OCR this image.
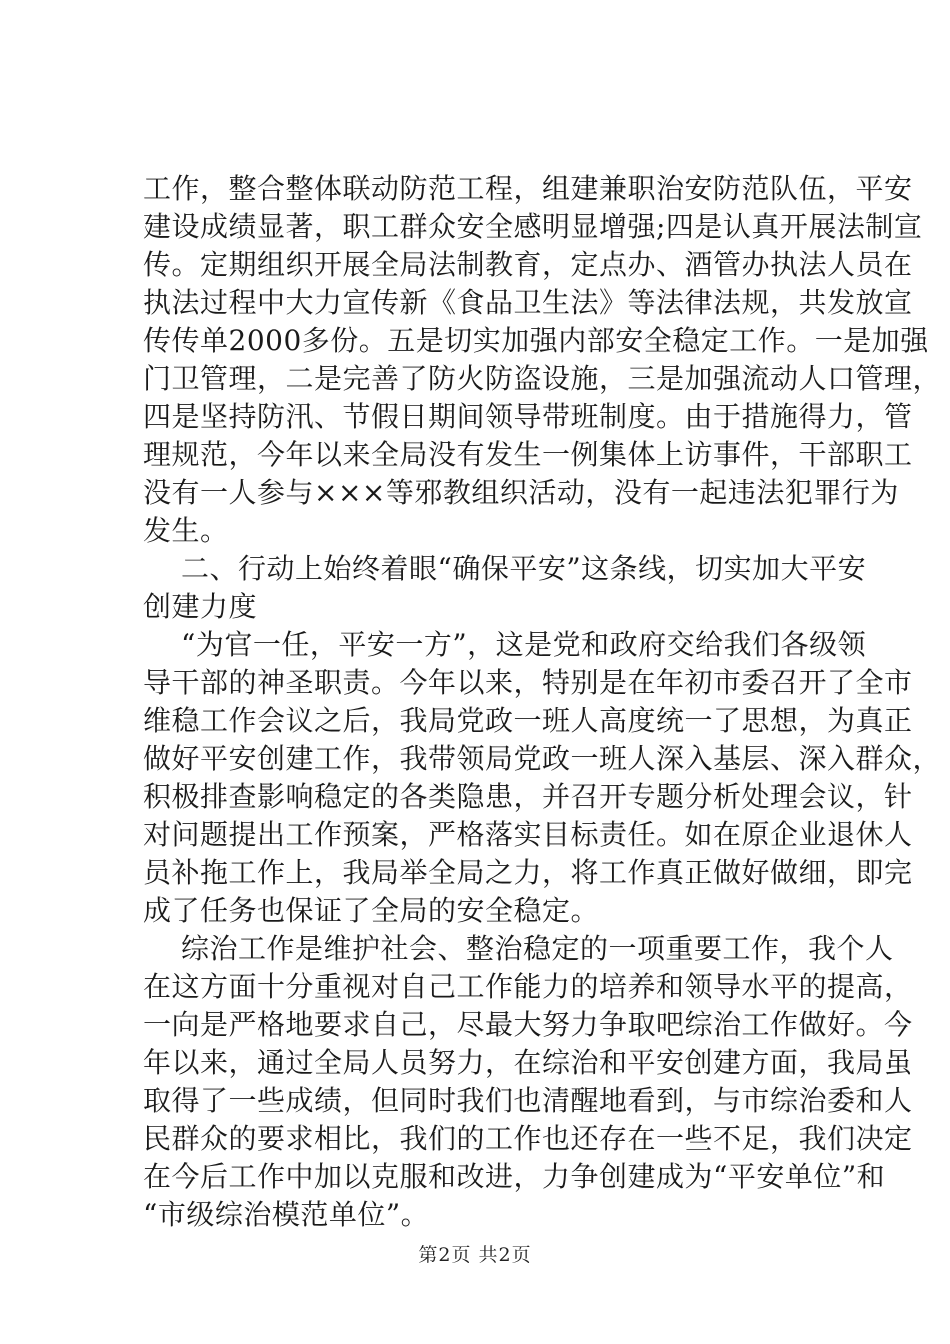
工作，整合整体联动防范工程，组建兼职治安防范队伍，平安
建设成绩显著，职工群众安全感明显增强;四是认真开展法制宣
传。定期组织开展全局法制教育，定点办、酒管办执法人员在
执法过程中大力宣传新《食品卫生法》等法律法规，共发放宣
传传单2000多份。五是切实加强内部安全稳定工作。一是加强
门卫管理，二是完善了防火防盗设施，三是加强流动人口管理，
四是坚持防汛、节假日期间领导带班制度。由于措施得力，管
理规范，今年以来全局没有发生一例集体上访事件，干部职工
没有一人参与×××等邪教组织活动，没有一起违法犯罪行为
发生。
二、行动上始终着眼“确保平安”这条线，切实加大平安
创建力度
“为官一任，平安一方”，这是党和政府交给我们各级领
导干部的神圣职责。今年以来，特别是在年初市委召开了全市
维稳工作会议之后，我局党政一班人高度统一了思想，为真正
做好平安创建工作，我带领局党政一班人深入基层、深入群众，
积极排查影响稳定的各类隐患，并召开专题分析处理会议，针
对问题提出工作预案，严格落实目标责任。如在原企业退休人
员补拖工作上，我局举全局之力，将工作真正做好做细，即完
成了任务也保证了全局的安全稳定。
综治工作是维护社会、整治稳定的一项重要工作，我个人
在这方面十分重视对自己工作能力的培养和领导水平的提高，
一向是严格地要求自己，尽最大努力争取吧综治工作做好。今
年以来，通过全局人员努力，在综治和平安创建方面，我局虽
取得了一些成绩，但同时我们也清醒地看到，与市综治委和人
民群众的要求相比，我们的工作也还存在一些不足，我们决定
在今后工作中加以克服和改进，力争创建成为“平安单位”和
“市级综治模范单位”。
第2页 共2页
